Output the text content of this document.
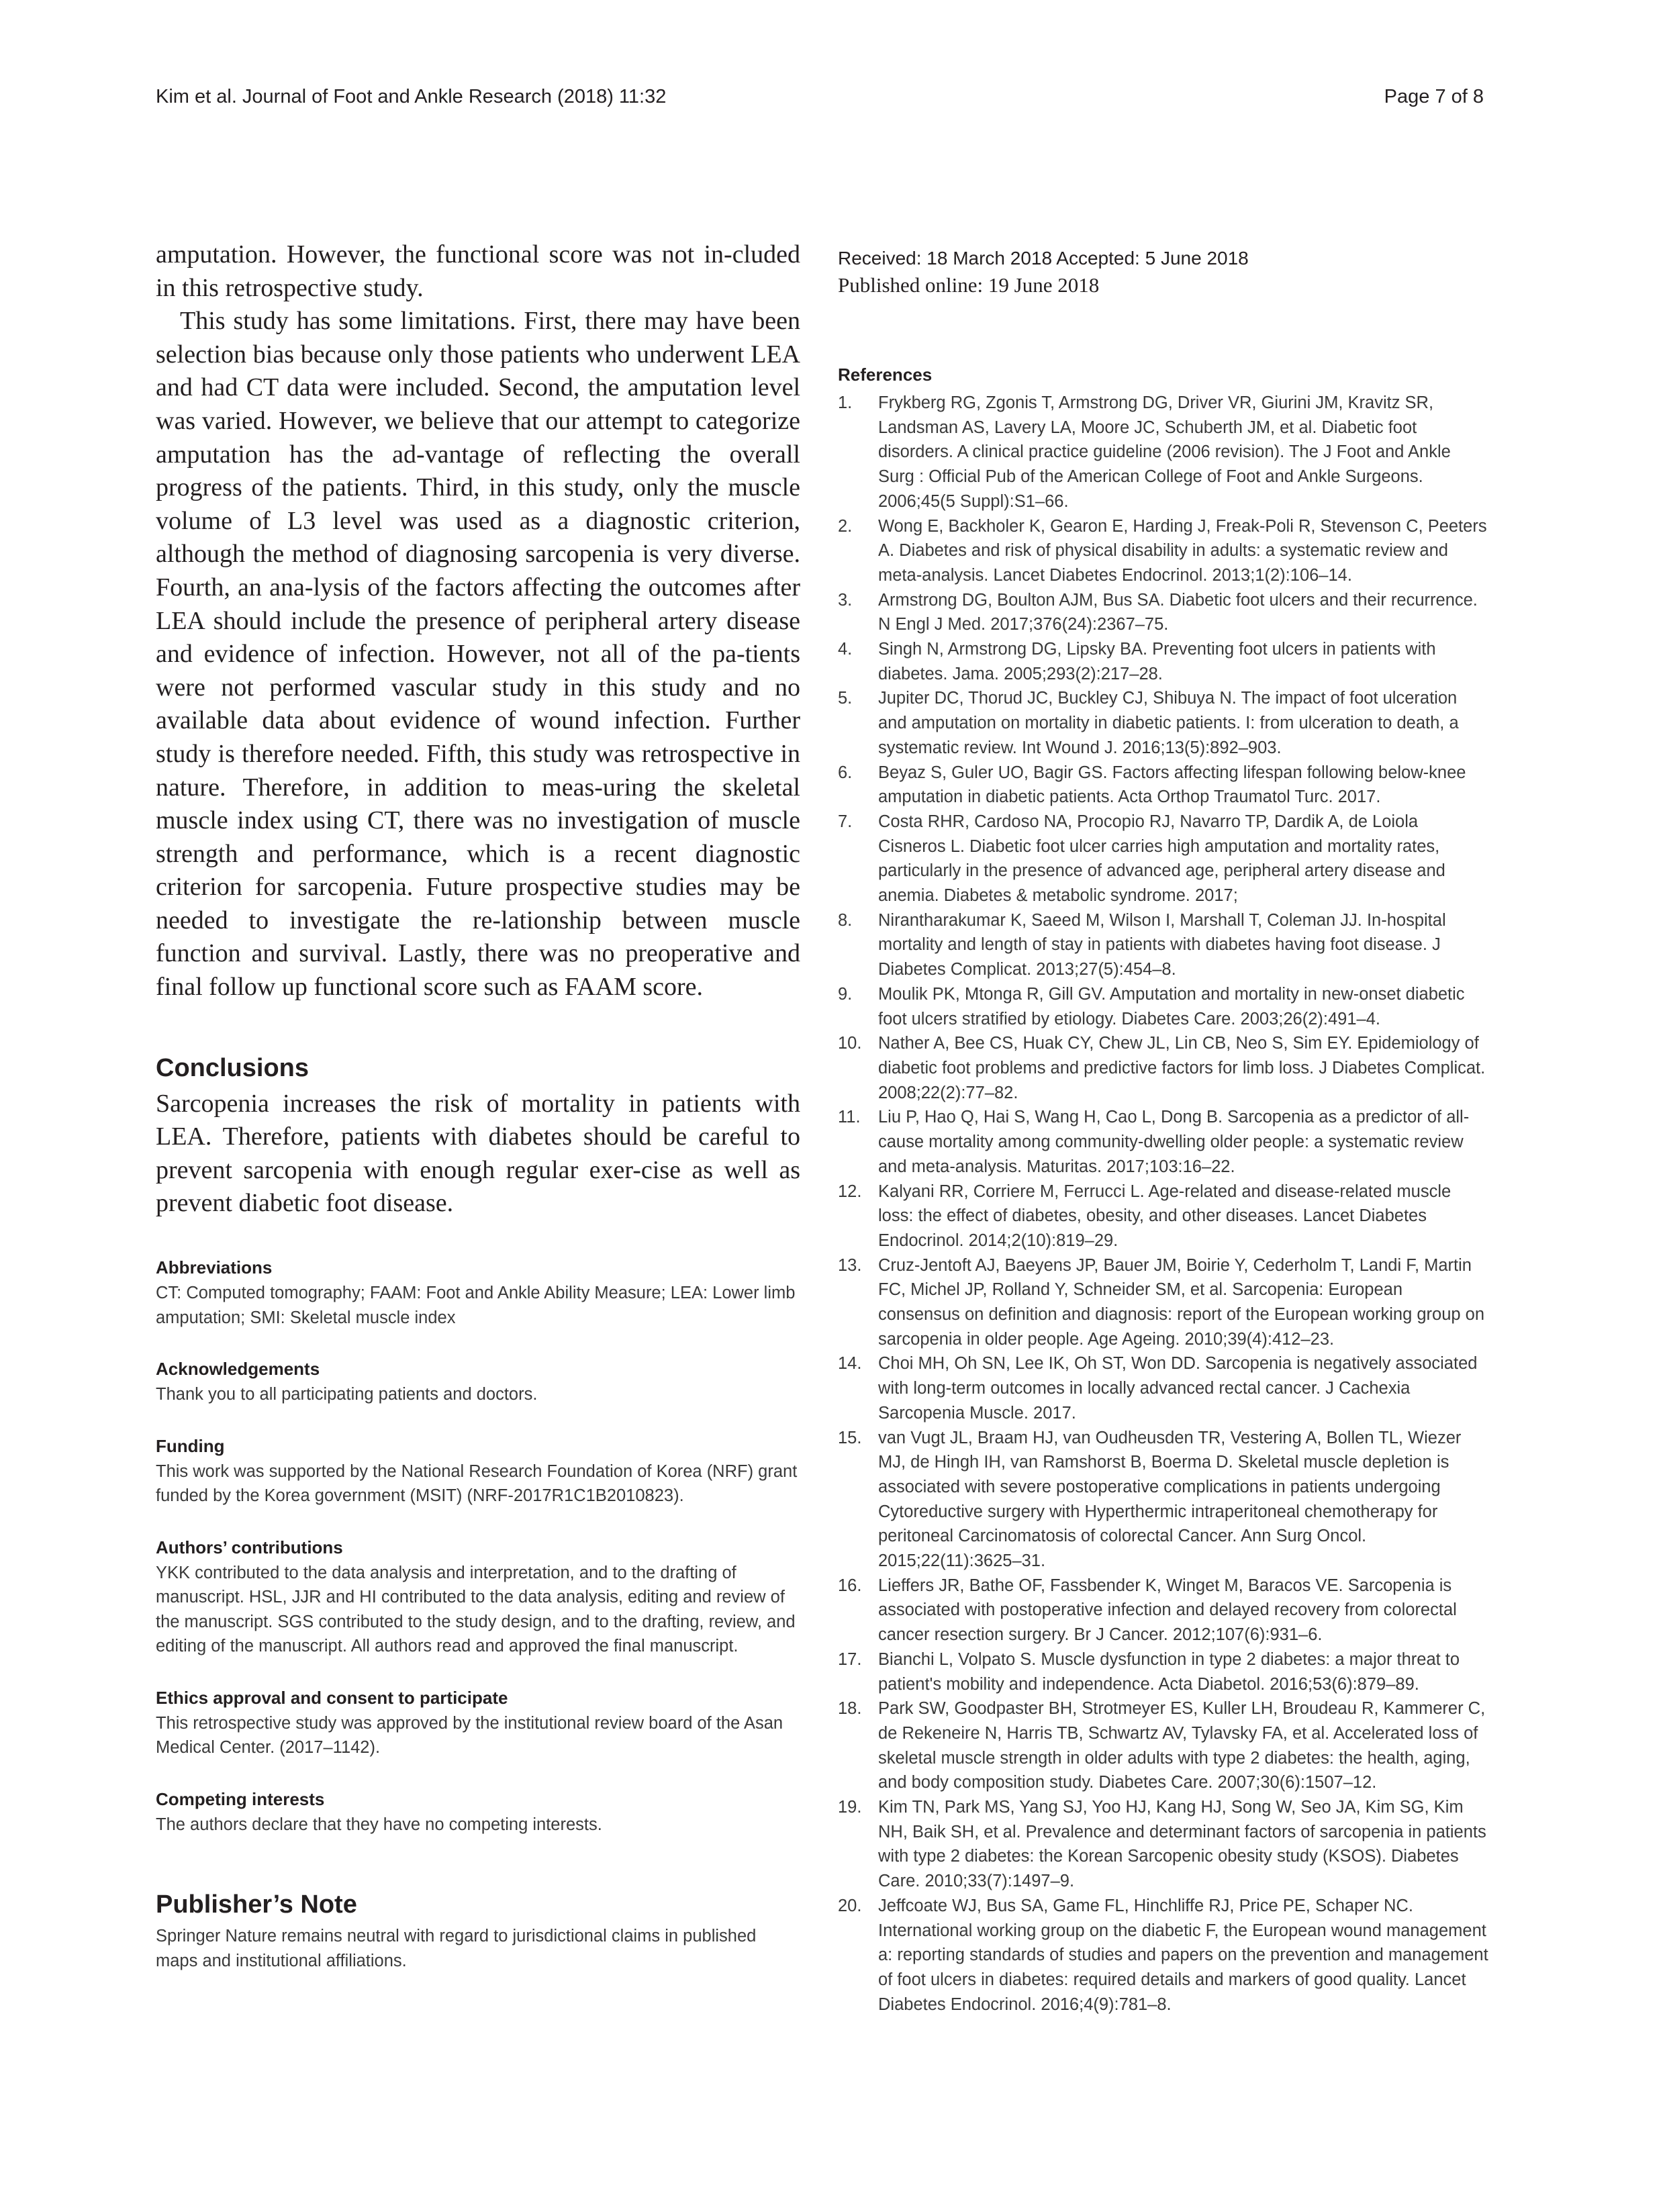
Kim et al. Journal of Foot and Ankle Research (2018) 11:32	Page 7 of 8

amputation. However, the functional score was not in-cluded in this retrospective study.

This study has some limitations. First, there may have been selection bias because only those patients who underwent LEA and had CT data were included. Second, the amputation level was varied. However, we believe that our attempt to categorize amputation has the ad-vantage of reflecting the overall progress of the patients. Third, in this study, only the muscle volume of L3 level was used as a diagnostic criterion, although the method of diagnosing sarcopenia is very diverse. Fourth, an ana-lysis of the factors affecting the outcomes after LEA should include the presence of peripheral artery disease and evidence of infection. However, not all of the pa-tients were not performed vascular study in this study and no available data about evidence of wound infection. Further study is therefore needed. Fifth, this study was retrospective in nature. Therefore, in addition to meas-uring the skeletal muscle index using CT, there was no investigation of muscle strength and performance, which is a recent diagnostic criterion for sarcopenia. Future prospective studies may be needed to investigate the re-lationship between muscle function and survival. Lastly, there was no preoperative and final follow up functional score such as FAAM score.

Conclusions

Sarcopenia increases the risk of mortality in patients with LEA. Therefore, patients with diabetes should be careful to prevent sarcopenia with enough regular exer-cise as well as prevent diabetic foot disease.

Abbreviations

CT: Computed tomography; FAAM: Foot and Ankle Ability Measure; LEA: Lower limb amputation; SMI: Skeletal muscle index

Acknowledgements

Thank you to all participating patients and doctors.

Funding

This work was supported by the National Research Foundation of Korea (NRF) grant funded by the Korea government (MSIT) (NRF-2017R1C1B2010823).

Authors’ contributions

YKK contributed to the data analysis and interpretation, and to the drafting of manuscript. HSL, JJR and HI contributed to the data analysis, editing and review of the manuscript. SGS contributed to the study design, and to the drafting, review, and editing of the manuscript. All authors read and approved the final manuscript.

Ethics approval and consent to participate

This retrospective study was approved by the institutional review board of the Asan Medical Center. (2017–1142).

Competing interests

The authors declare that they have no competing interests.

Publisher’s Note

Springer Nature remains neutral with regard to jurisdictional claims in published maps and institutional affiliations.

Received: 18 March 2018 Accepted: 5 June 2018

Published online: 19 June 2018

References
1. Frykberg RG, Zgonis T, Armstrong DG, Driver VR, Giurini JM, Kravitz SR, Landsman AS, Lavery LA, Moore JC, Schuberth JM, et al. Diabetic foot disorders. A clinical practice guideline (2006 revision). The J Foot and Ankle Surg : Official Pub of the American College of Foot and Ankle Surgeons. 2006;45(5 Suppl):S1–66.
2. Wong E, Backholer K, Gearon E, Harding J, Freak-Poli R, Stevenson C, Peeters A. Diabetes and risk of physical disability in adults: a systematic review and meta-analysis. Lancet Diabetes Endocrinol. 2013;1(2):106–14.
3. Armstrong DG, Boulton AJM, Bus SA. Diabetic foot ulcers and their recurrence. N Engl J Med. 2017;376(24):2367–75.
4. Singh N, Armstrong DG, Lipsky BA. Preventing foot ulcers in patients with diabetes. Jama. 2005;293(2):217–28.
5. Jupiter DC, Thorud JC, Buckley CJ, Shibuya N. The impact of foot ulceration and amputation on mortality in diabetic patients. I: from ulceration to death, a systematic review. Int Wound J. 2016;13(5):892–903.
6. Beyaz S, Guler UO, Bagir GS. Factors affecting lifespan following below-knee amputation in diabetic patients. Acta Orthop Traumatol Turc. 2017.
7. Costa RHR, Cardoso NA, Procopio RJ, Navarro TP, Dardik A, de Loiola Cisneros L. Diabetic foot ulcer carries high amputation and mortality rates, particularly in the presence of advanced age, peripheral artery disease and anemia. Diabetes & metabolic syndrome. 2017;
8. Nirantharakumar K, Saeed M, Wilson I, Marshall T, Coleman JJ. In-hospital mortality and length of stay in patients with diabetes having foot disease. J Diabetes Complicat. 2013;27(5):454–8.
9. Moulik PK, Mtonga R, Gill GV. Amputation and mortality in new-onset diabetic foot ulcers stratified by etiology. Diabetes Care. 2003;26(2):491–4.
10. Nather A, Bee CS, Huak CY, Chew JL, Lin CB, Neo S, Sim EY. Epidemiology of diabetic foot problems and predictive factors for limb loss. J Diabetes Complicat. 2008;22(2):77–82.
11. Liu P, Hao Q, Hai S, Wang H, Cao L, Dong B. Sarcopenia as a predictor of all-cause mortality among community-dwelling older people: a systematic review and meta-analysis. Maturitas. 2017;103:16–22.
12. Kalyani RR, Corriere M, Ferrucci L. Age-related and disease-related muscle loss: the effect of diabetes, obesity, and other diseases. Lancet Diabetes Endocrinol. 2014;2(10):819–29.
13. Cruz-Jentoft AJ, Baeyens JP, Bauer JM, Boirie Y, Cederholm T, Landi F, Martin FC, Michel JP, Rolland Y, Schneider SM, et al. Sarcopenia: European consensus on definition and diagnosis: report of the European working group on sarcopenia in older people. Age Ageing. 2010;39(4):412–23.
14. Choi MH, Oh SN, Lee IK, Oh ST, Won DD. Sarcopenia is negatively associated with long-term outcomes in locally advanced rectal cancer. J Cachexia Sarcopenia Muscle. 2017.
15. van Vugt JL, Braam HJ, van Oudheusden TR, Vestering A, Bollen TL, Wiezer MJ, de Hingh IH, van Ramshorst B, Boerma D. Skeletal muscle depletion is associated with severe postoperative complications in patients undergoing Cytoreductive surgery with Hyperthermic intraperitoneal chemotherapy for peritoneal Carcinomatosis of colorectal Cancer. Ann Surg Oncol. 2015;22(11):3625–31.
16. Lieffers JR, Bathe OF, Fassbender K, Winget M, Baracos VE. Sarcopenia is associated with postoperative infection and delayed recovery from colorectal cancer resection surgery. Br J Cancer. 2012;107(6):931–6.
17. Bianchi L, Volpato S. Muscle dysfunction in type 2 diabetes: a major threat to patient's mobility and independence. Acta Diabetol. 2016;53(6):879–89.
18. Park SW, Goodpaster BH, Strotmeyer ES, Kuller LH, Broudeau R, Kammerer C, de Rekeneire N, Harris TB, Schwartz AV, Tylavsky FA, et al. Accelerated loss of skeletal muscle strength in older adults with type 2 diabetes: the health, aging, and body composition study. Diabetes Care. 2007;30(6):1507–12.
19. Kim TN, Park MS, Yang SJ, Yoo HJ, Kang HJ, Song W, Seo JA, Kim SG, Kim NH, Baik SH, et al. Prevalence and determinant factors of sarcopenia in patients with type 2 diabetes: the Korean Sarcopenic obesity study (KSOS). Diabetes Care. 2010;33(7):1497–9.
20. Jeffcoate WJ, Bus SA, Game FL, Hinchliffe RJ, Price PE, Schaper NC. International working group on the diabetic F, the European wound management a: reporting standards of studies and papers on the prevention and management of foot ulcers in diabetes: required details and markers of good quality. Lancet Diabetes Endocrinol. 2016;4(9):781–8.
